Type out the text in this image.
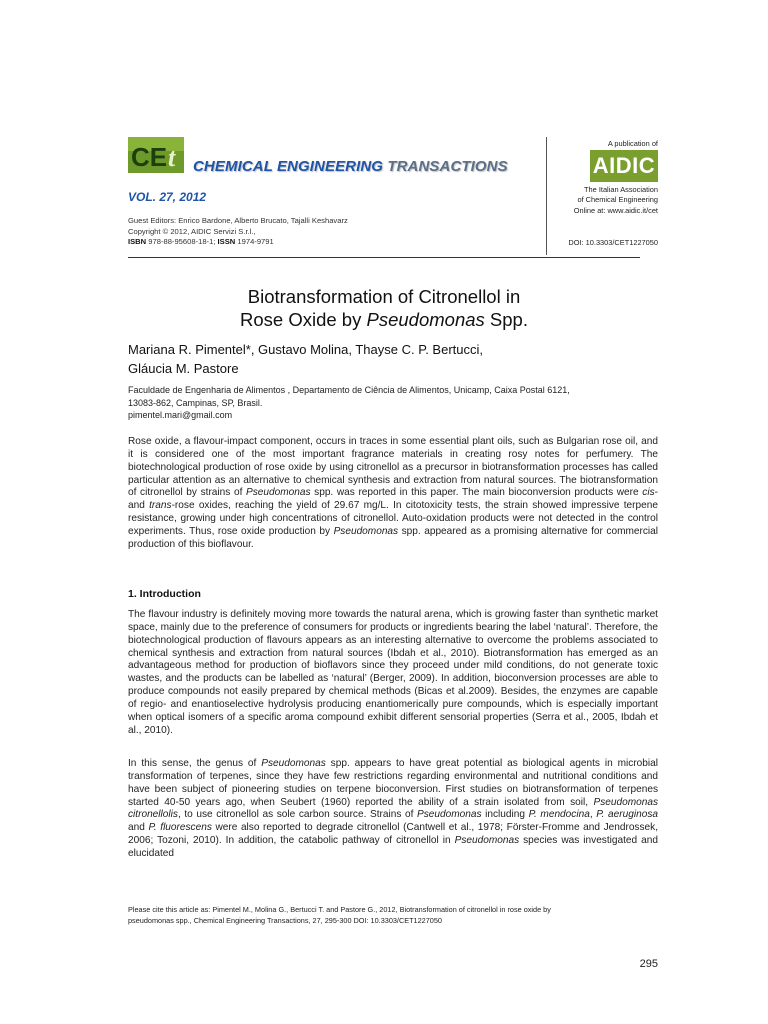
CE t CHEMICAL ENGINEERING TRANSACTIONS
VOL. 27, 2012
Guest Editors: Enrico Bardone, Alberto Brucato, Tajalli Keshavarz
Copyright © 2012, AIDIC Servizi S.r.l.,
ISBN 978-88-95608-18-1; ISSN 1974-9791
A publication of
AIDIC
The Italian Association
of Chemical Engineering
Online at: www.aidic.it/cet
DOI: 10.3303/CET1227050
Biotransformation of Citronellol in
Rose Oxide by Pseudomonas Spp.
Mariana R. Pimentel*, Gustavo Molina, Thayse C. P. Bertucci,
Gláucia M. Pastore
Faculdade de Engenharia de Alimentos , Departamento de Ciência de Alimentos, Unicamp, Caixa Postal 6121,
13083-862, Campinas, SP, Brasil.
pimentel.mari@gmail.com
Rose oxide, a flavour-impact component, occurs in traces in some essential plant oils, such as Bulgarian rose oil, and it is considered one of the most important fragrance materials in creating rosy notes for perfumery. The biotechnological production of rose oxide by using citronellol as a precursor in biotransformation processes has called particular attention as an alternative to chemical synthesis and extraction from natural sources. The biotransformation of citronellol by strains of Pseudomonas spp. was reported in this paper. The main bioconversion products were cis- and trans-rose oxides, reaching the yield of 29.67 mg/L. In citotoxicity tests, the strain showed impressive terpene resistance, growing under high concentrations of citronellol. Auto-oxidation products were not detected in the control experiments. Thus, rose oxide production by Pseudomonas spp. appeared as a promising alternative for commercial production of this bioflavour.
1. Introduction
The flavour industry is definitely moving more towards the natural arena, which is growing faster than synthetic market space, mainly due to the preference of consumers for products or ingredients bearing the label ‘natural’. Therefore, the biotechnological production of flavours appears as an interesting alternative to overcome the problems associated to chemical synthesis and extraction from natural sources (Ibdah et al., 2010). Biotransformation has emerged as an advantageous method for production of bioflavors since they proceed under mild conditions, do not generate toxic wastes, and the products can be labelled as ‘natural’ (Berger, 2009). In addition, bioconversion processes are able to produce compounds not easily prepared by chemical methods (Bicas et al.2009). Besides, the enzymes are capable of regio- and enantioselective hydrolysis producing enantiomerically pure compounds, which is especially important when optical isomers of a specific aroma compound exhibit different sensorial properties (Serra et al., 2005, Ibdah et al., 2010).
In this sense, the genus of Pseudomonas spp. appears to have great potential as biological agents in microbial transformation of terpenes, since they have few restrictions regarding environmental and nutritional conditions and have been subject of pioneering studies on terpene bioconversion. First studies on biotransformation of terpenes started 40-50 years ago, when Seubert (1960) reported the ability of a strain isolated from soil, Pseudomonas citronellolis, to use citronellol as sole carbon source. Strains of Pseudomonas including P. mendocina, P. aeruginosa and P. fluorescens were also reported to degrade citronellol (Cantwell et al., 1978; Förster-Fromme and Jendrossek, 2006; Tozoni, 2010). In addition, the catabolic pathway of citronellol in Pseudomonas species was investigated and elucidated
Please cite this article as: Pimentel M., Molina G., Bertucci T. and Pastore G., 2012, Biotransformation of citronellol in rose oxide by
pseudomonas spp., Chemical Engineering Transactions, 27, 295-300 DOI: 10.3303/CET1227050
295
